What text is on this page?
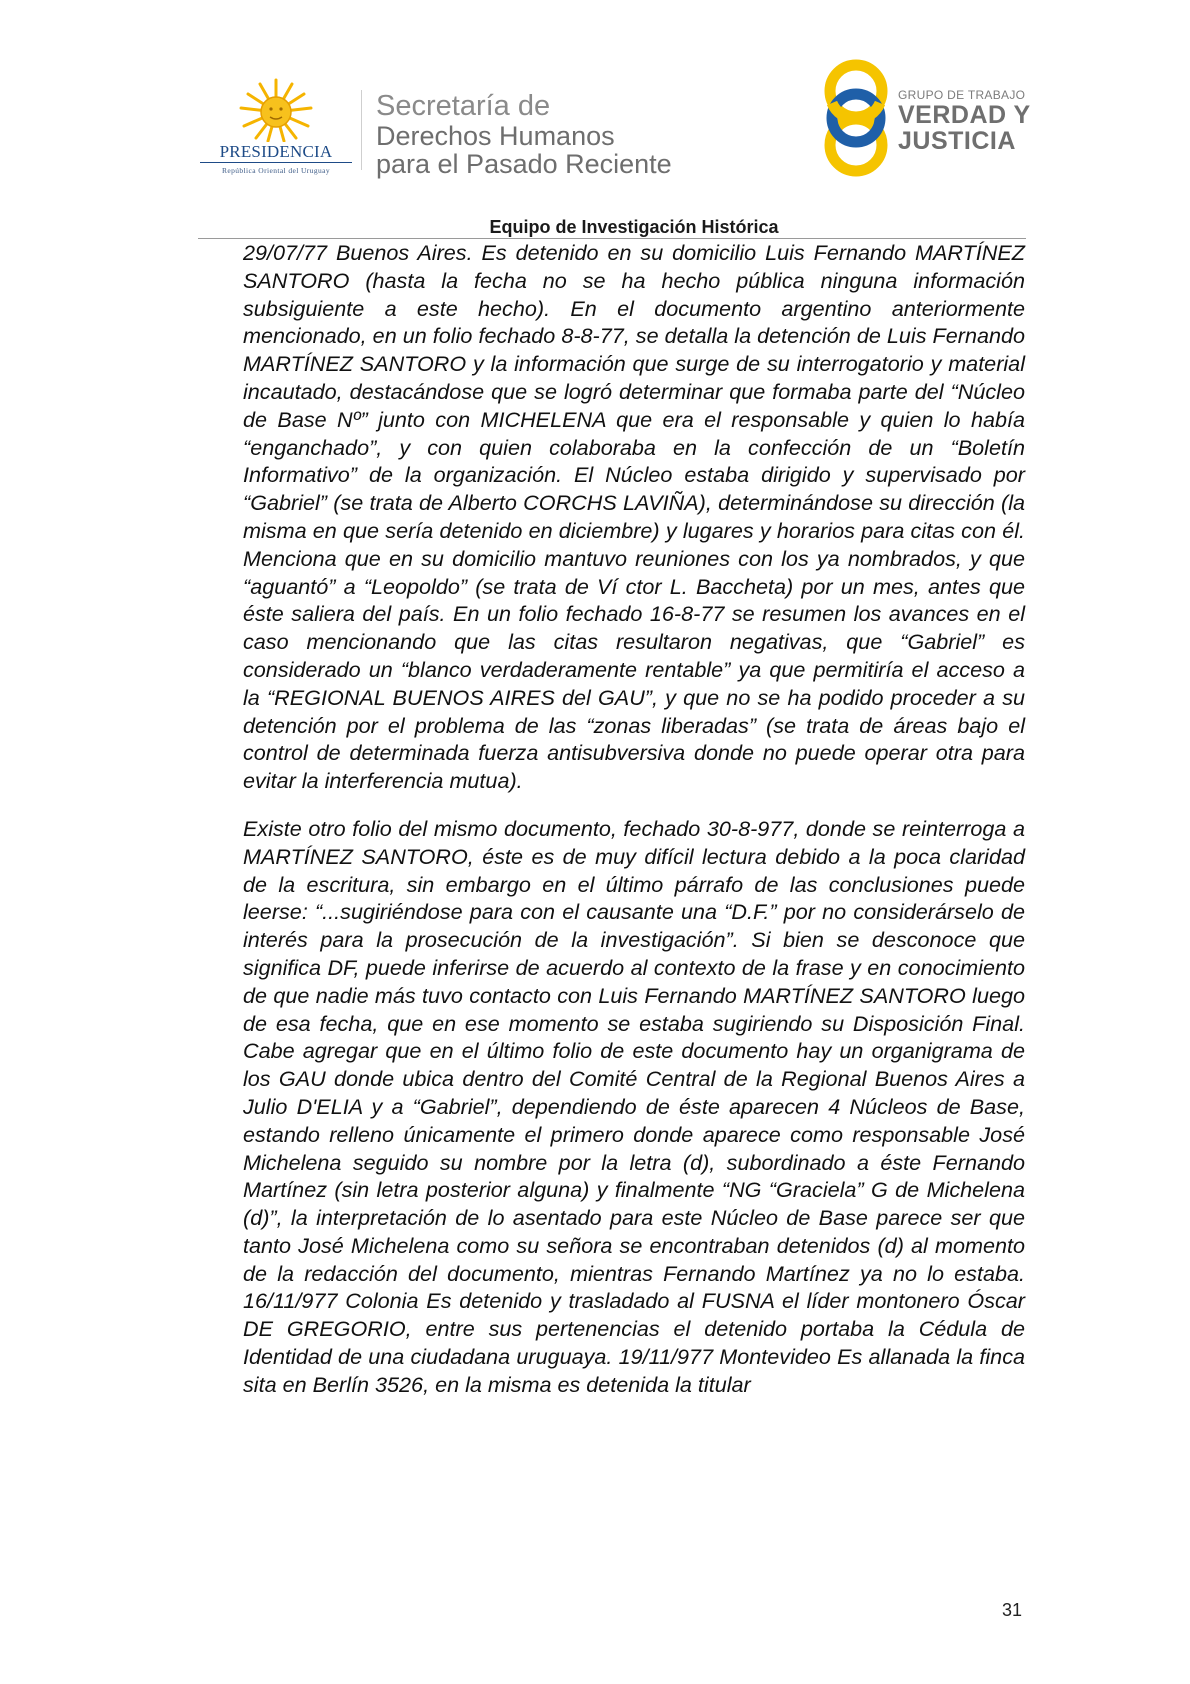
PRESIDENCIA
República Oriental del Uruguay
Secretaría de
Derechos Humanos
para el Pasado Reciente
GRUPO DE TRABAJO
VERDAD Y
JUSTICIA
Equipo de Investigación Histórica

29/07/77 Buenos Aires. Es detenido en su domicilio Luis Fernando MARTÍNEZ SANTORO (hasta la fecha no se ha hecho pública ninguna información subsiguiente a este hecho). En el documento argentino anteriormente mencionado, en un folio fechado 8-8-77, se detalla la detención de Luis Fernando MARTÍNEZ SANTORO y la información que surge de su interrogatorio y material incautado, destacándose que se logró determinar que formaba parte del “Núcleo de Base Nº” junto con MICHELENA que era el responsable y quien lo había “enganchado”, y con quien colaboraba en la confección de un “Boletín Informativo” de la organización. El Núcleo estaba dirigido y supervisado por “Gabriel” (se trata de Alberto CORCHS LAVIÑA), determinándose su dirección (la misma en que sería detenido en diciembre) y lugares y horarios para citas con él. Menciona que en su domicilio mantuvo reuniones con los ya nombrados, y que “aguantó” a “Leopoldo” (se trata de Ví ctor L. Baccheta) por un mes, antes que éste saliera del país. En un folio fechado 16-8-77 se resumen los avances en el caso mencionando que las citas resultaron negativas, que “Gabriel” es considerado un “blanco verdaderamente rentable” ya que permitiría el acceso a la “REGIONAL BUENOS AIRES del GAU”, y que no se ha podido proceder a su detención por el problema de las “zonas liberadas” (se trata de áreas bajo el control de determinada fuerza antisubversiva donde no puede operar otra para evitar la interferencia mutua).

Existe otro folio del mismo documento, fechado 30-8-977, donde se reinterroga a MARTÍNEZ SANTORO, éste es de muy difícil lectura debido a la poca claridad de la escritura, sin embargo en el último párrafo de las conclusiones puede leerse: “...sugiriéndose para con el causante una “D.F.” por no considerárselo de interés para la prosecución de la investigación”. Si bien se desconoce que significa DF, puede inferirse de acuerdo al contexto de la frase y en conocimiento de que nadie más tuvo contacto con Luis Fernando MARTÍNEZ SANTORO luego de esa fecha, que en ese momento se estaba sugiriendo su Disposición Final. Cabe agregar que en el último folio de este documento hay un organigrama de los GAU donde ubica dentro del Comité Central de la Regional Buenos Aires a Julio D'ELIA y a “Gabriel”, dependiendo de éste aparecen 4 Núcleos de Base, estando relleno únicamente el primero donde aparece como responsable José Michelena seguido su nombre por la letra (d), subordinado a éste Fernando Martínez (sin letra posterior alguna) y finalmente “NG “Graciela” G de Michelena (d)”, la interpretación de lo asentado para este Núcleo de Base parece ser que tanto José Michelena como su señora se encontraban detenidos (d) al momento de la redacción del documento, mientras Fernando Martínez ya no lo estaba. 16/11/977 Colonia Es detenido y trasladado al FUSNA el líder montonero Óscar DE GREGORIO, entre sus pertenencias el detenido portaba la Cédula de Identidad de una ciudadana uruguaya. 19/11/977 Montevideo Es allanada la finca sita en Berlín 3526, en la misma es detenida la titular

31
